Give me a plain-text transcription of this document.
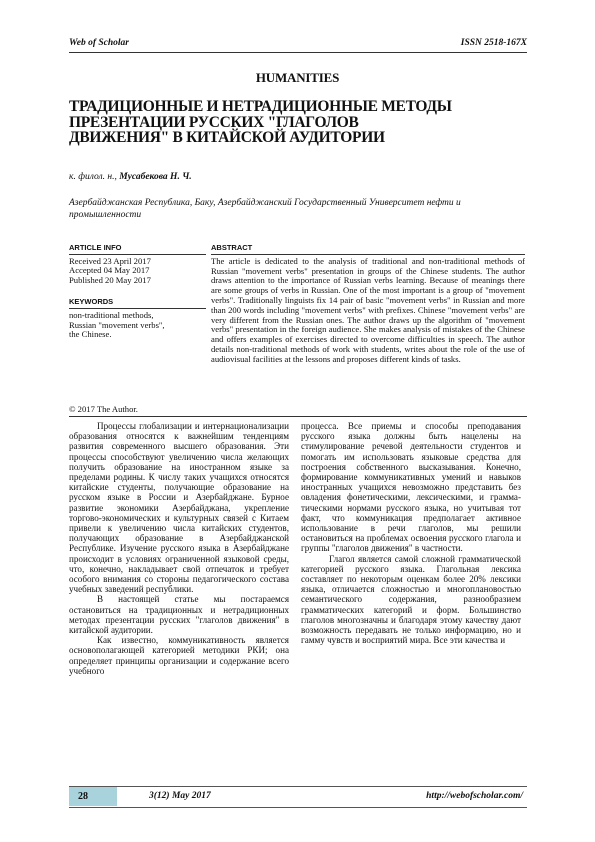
Web of Scholar	ISSN 2518-167X
HUMANITIES
ТРАДИЦИОННЫЕ И НЕТРАДИЦИОННЫЕ МЕТОДЫ
ПРЕЗЕНТАЦИИ РУССКИХ "ГЛАГОЛОВ
ДВИЖЕНИЯ" В КИТАЙСКОЙ АУДИТОРИИ
к. филол. н., Мусабекова Н. Ч.
Азербайджанская Республика, Баку, Азербайджанский Государственный Университет нефти и промышленности
ARTICLE INFO
Received 23 April 2017
Accepted 04 May 2017
Published 20 May 2017
KEYWORDS
non-traditional methods,
Russian "movement verbs",
the Chinese.
© 2017 The Author.
ABSTRACT
The article is dedicated to the analysis of traditional and non-traditional methods of Russian "movement verbs" presentation in groups of the Chinese students. The author draws attention to the importance of Russian verbs learning. Because of meanings there are some groups of verbs in Russian. One of the most important is a group of "movement verbs". Traditionally linguists fix 14 pair of basic "movement verbs" in Russian and more than 200 words including "movement verbs" with prefixes. Chinese "movement verbs" are very different from the Russian ones. The author draws up the algorithm of "movement verbs" presentation in the foreign audience. She makes analysis of mistakes of the Chinese and offers examples of exercises directed to overcome difficulties in speech. The author details non-traditional methods of work with students, writes about the role of the use of audiovisual facilities at the lessons and proposes different kinds of tasks.

Процессы глобализации и интернационализации образования относятся к важнейшим тенденциям развития современного высшего образования. Эти процессы способствуют увеличению числа желающих получить образование на иностранном языке за пределами родины. К числу таких учащихся относятся китайские студенты, получающие образование на русском языке в России и Азербайджане. Бурное развитие экономики Азербайджана, укрепление торгово-экономических и культурных связей с Китаем привели к увеличению числа китайских студентов, получающих образование в Азербайджанской Республике. Изучение русского языка в Азербайджане происходит в условиях ограниченной языковой среды, что, конечно, накладывает свой отпечаток и требует особого внимания со стороны педагогического состава учебных заведений республики.

В настоящей статье мы постараемся остановиться на традиционных и нетрадиционных методах презентации русских "глаголов движения" в китайской аудитории.

Как известно, коммуникативность является основополагающей категорией методики РКИ; она определяет принципы организации и содержание всего учебного

процесса. Все приемы и способы преподавания русского языка должны быть нацелены на стимулирование речевой деятельности студентов и помогать им использовать языковые средства для построения собственного высказывания. Конечно, формирование коммуникативных умений и навыков иностранных учащихся невозможно представить без овладения фонетическими, лексическими, и грамма-тическими нормами русского языка, но учитывая тот факт, что коммуникация предполагает активное использование в речи глаголов, мы решили остановиться на проблемах освоения русского глагола и группы "глаголов движения" в частности.

Глагол является самой сложной грамматической категорией русского языка. Глагольная лексика составляет по некоторым оценкам более 20% лексики языка, отличается сложностью и многоплановостью семантического содержания, разнообразием грамматических категорий и форм. Большинство глаголов многозначны и благодаря этому качеству дают возможность передавать не только информацию, но и гамму чувств и восприятий мира. Все эти качества и

28	3(12) May 2017	http://webofscholar.com/
